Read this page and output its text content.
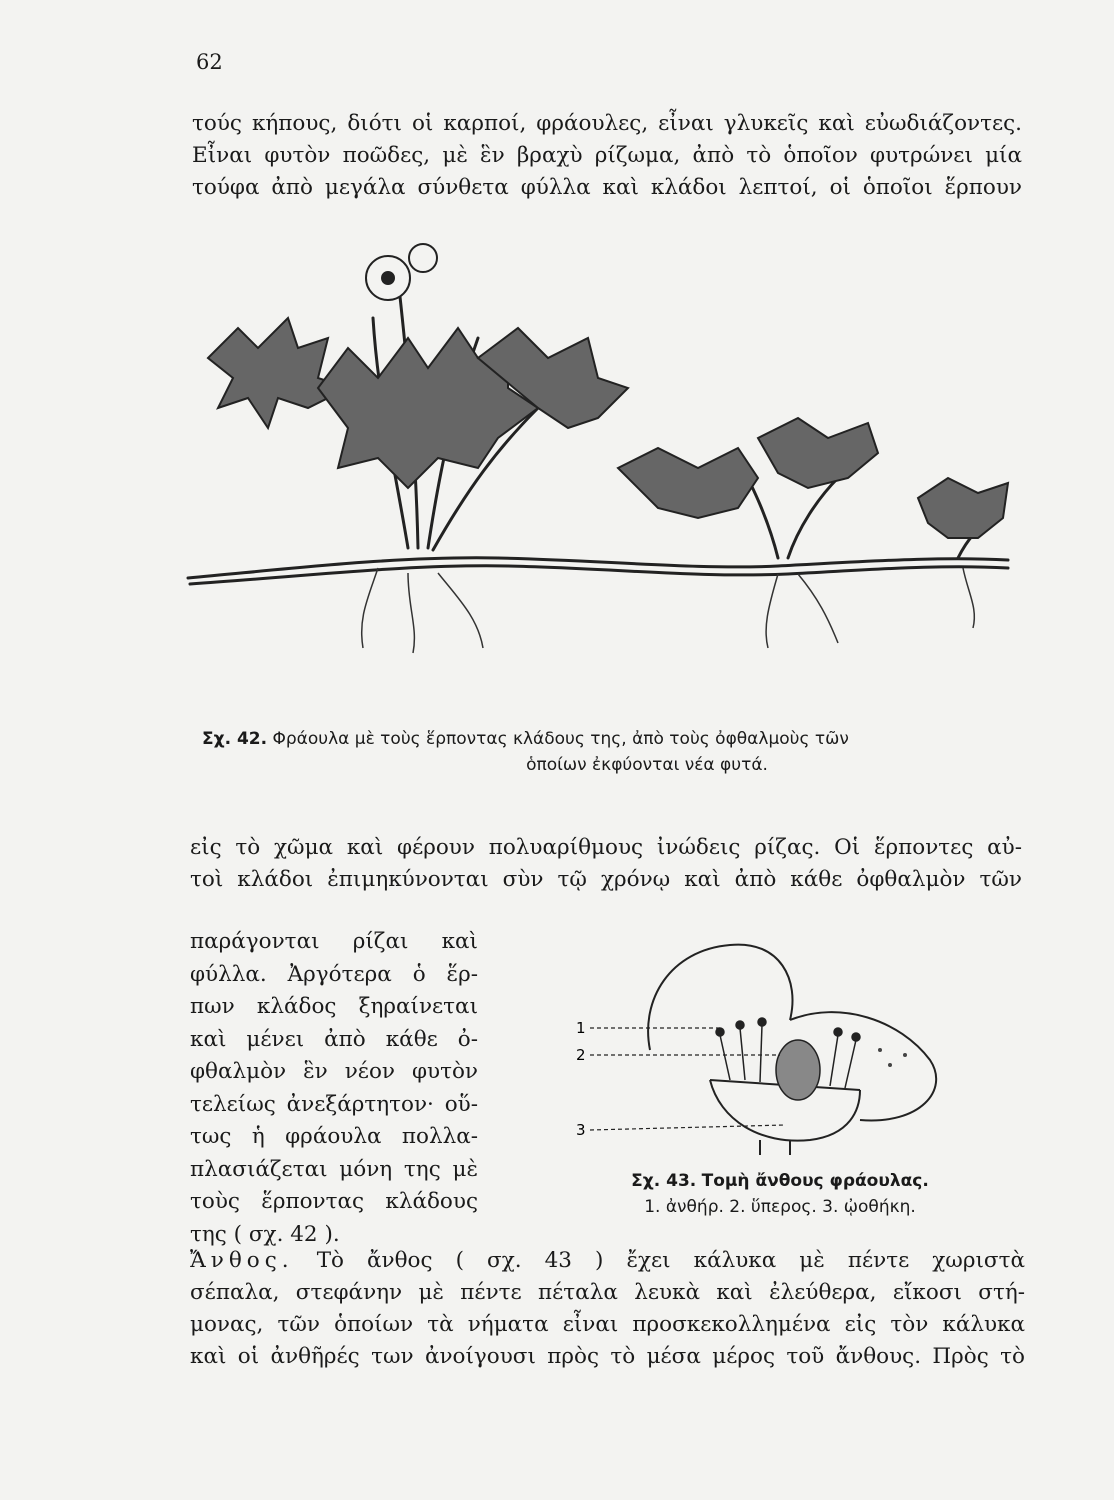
62
τούς κήπους, διότι οἱ καρποί, φράουλες, εἶναι γλυκεῖς καὶ εὐωδιάζοντες.
Εἶναι φυτὸν ποῶδες, μὲ ἓν βραχὺ ρίζωμα, ἀπὸ τὸ ὁποῖον φυτρώνει μία
τούφα ἀπὸ μεγάλα σύνθετα φύλλα καὶ κλάδοι λεπτοί, οἱ ὁποῖοι ἕρπουν
Σχ. 42. Φράουλα μὲ τοὺς ἕρποντας κλάδους της, ἀπὸ τοὺς ὀφθαλμοὺς τῶν
ὁποίων ἐκφύονται νέα φυτά.
εἰς τὸ χῶμα καὶ φέρουν πολυαρίθμους ἰνώδεις ρίζας. Οἱ ἕρποντες αὐ-
τοὶ κλάδοι ἐπιμηκύνονται σὺν τῷ χρόνῳ καὶ ἀπὸ κάθε ὀφθαλμὸν τῶν
παράγονται ρίζαι καὶ
φύλλα. Ἀργότερα ὁ ἕρ-
πων κλάδος ξηραίνεται
καὶ μένει ἀπὸ κάθε ὀ-
φθαλμὸν ἓν νέον φυτὸν
τελείως ἀνεξάρτητον· οὕ-
τως ἡ φράουλα πολλα-
πλασιάζεται μόνη της μὲ
τοὺς ἕρποντας κλάδους
της ( σχ. 42 ).
1
2
3
Σχ. 43. Τομὴ ἄνθους φράουλας.
1. ἀνθήρ. 2. ὕπερος. 3. ᾠοθήκη.
Ἄνθος. Τὸ ἄνθος ( σχ. 43 ) ἔχει κάλυκα μὲ πέντε χωριστὰ
σέπαλα, στεφάνην μὲ πέντε πέταλα λευκὰ καὶ ἐλεύθερα, εἴκοσι στή-
μονας, τῶν ὁποίων τὰ νήματα εἶναι προσκεκολλημένα εἰς τὸν κάλυκα
καὶ οἱ ἀνθῆρές των ἀνοίγουσι πρὸς τὸ μέσα μέρος τοῦ ἄνθους. Πρὸς τὸ
